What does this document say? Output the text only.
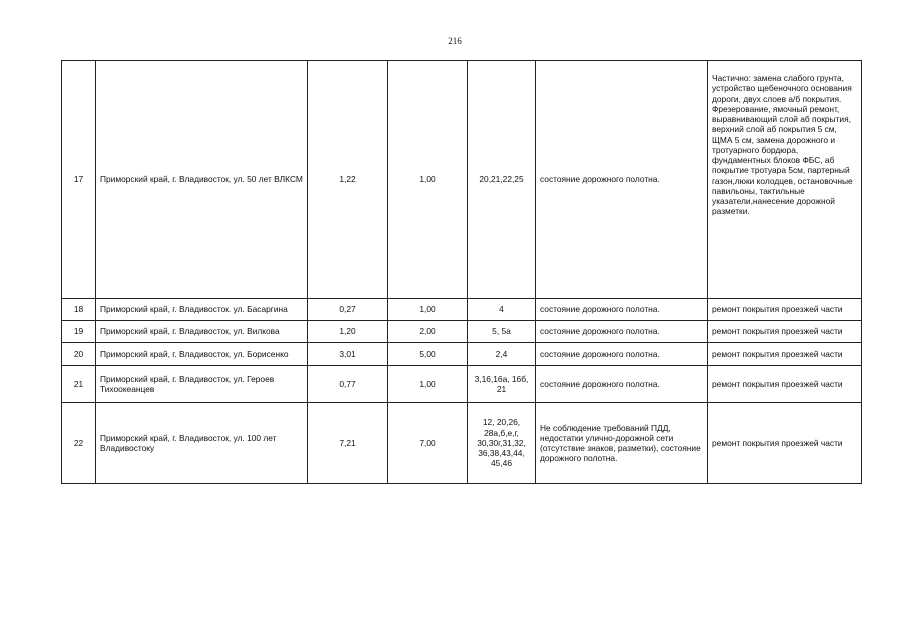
216
17	Приморский край, г. Владивосток, ул. 50 лет ВЛКСМ	1,22	1,00	20,21,22,25	состояние дорожного полотна.	Частично: замена слабого грунта, устройство щебеночного основания дороги, двух слоев а/б покрытия. Фрезерование, ямочный ремонт, выравнивающий слой аб покрытия, верхний слой аб покрытия 5 см, ЩМА 5 см, замена дорожного и тротуарного бордюра, фундаментных блоков ФБС, аб покрытие тротуара 5см, партерный газон,люки колодцев, остановочные павильоны, тактильные указатели,нанесение дорожной разметки.
18	Приморский край, г. Владивосток. ул. Басаргина	0,27	1,00	4	состояние дорожного полотна.	ремонт покрытия проезжей части
19	Приморский край, г. Владивосток, ул. Вилкова	1,20	2,00	5, 5а	состояние дорожного полотна.	ремонт покрытия проезжей части
20	Приморский край, г. Владивосток, ул. Борисенко	3,01	5,00	2,4	состояние дорожного полотна.	ремонт покрытия проезжей части
21	Приморский край, г. Владивосток, ул. Героев Тихоокеанцев	0,77	1,00	3,16,16а, 16б, 21	состояние дорожного полотна.	ремонт покрытия проезжей части
22	Приморский край, г. Владивосток, ул. 100 лет Владивостоку	7,21	7,00	12, 20,26, 28а,б,е,г, 30,30г,31,32, 36,38,43,44, 45,46	Не соблюдение требований ПДД, недостатки улично-дорожной сети (отсутствие знаков, разметки), состояние дорожного полотна.	ремонт покрытия проезжей части
